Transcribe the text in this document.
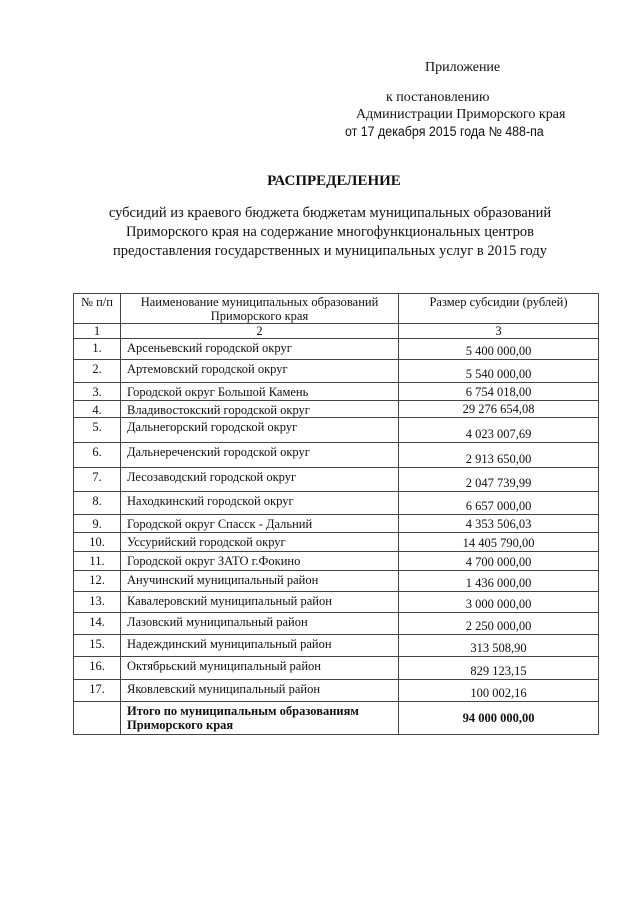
Приложение
к постановлению
Администрации Приморского края
от 17 декабря 2015 года № 488-па
РАСПРЕДЕЛЕНИЕ
субсидий из краевого бюджета бюджетам муниципальных образований
Приморского края на содержание многофункциональных центров
предоставления государственных и муниципальных услуг в 2015 году
№ п/п	Наименование муниципальных образований Приморского края	Размер субсидии (рублей)
1	2	3
1.	Арсеньевский городской округ	5 400 000,00
2.	Артемовский городской округ	5 540 000,00
3.	Городской округ Большой Камень	6 754 018,00
4.	Владивостокский городской округ	29 276 654,08
5.	Дальнегорский городской округ	4 023 007,69
6.	Дальнереченский городской округ	2 913 650,00
7.	Лесозаводский городской округ	2 047 739,99
8.	Находкинский городской округ	6 657 000,00
9.	Городской округ Спасск - Дальний	4 353 506,03
10.	Уссурийский городской округ	14 405 790,00
11.	Городской округ ЗАТО г.Фокино	4 700 000,00
12.	Анучинский муниципальный район	1 436 000,00
13.	Кавалеровский муниципальный район	3 000 000,00
14.	Лазовский муниципальный район	2 250 000,00
15.	Надеждинский муниципальный район	313 508,90
16.	Октябрьский муниципальный район	829 123,15
17.	Яковлевский муниципальный район	100 002,16
	Итого по муниципальным образованиям Приморского края	94 000 000,00
